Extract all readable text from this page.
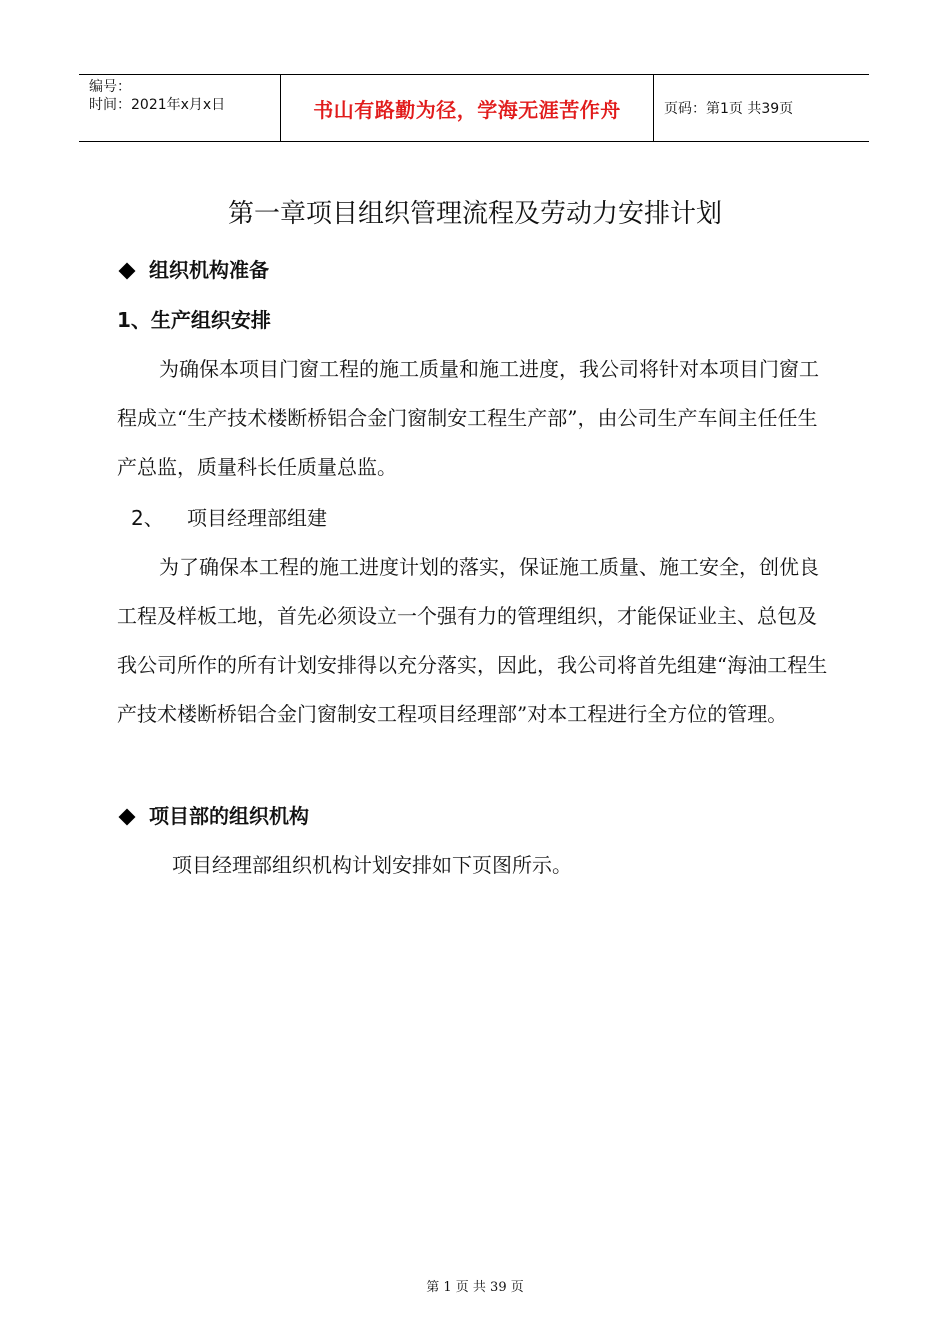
编号：
时间：2021年x月x日	书山有路勤为径，学海无涯苦作舟	页码：第1页 共39页
第一章项目组织管理流程及劳动力安排计划
组织机构准备
1、生产组织安排

为确保本项目门窗工程的施工质量和施工进度，我公司将针对本项目门窗工程成立“生产技术楼断桥铝合金门窗制安工程生产部”，由公司生产车间主任任生产总监，质量科长任质量总监。

2、 项目经理部组建

为了确保本工程的施工进度计划的落实，保证施工质量、施工安全，创优良工程及样板工地，首先必须设立一个强有力的管理组织，才能保证业主、总包及我公司所作的所有计划安排得以充分落实，因此，我公司将首先组建“海油工程生产技术楼断桥铝合金门窗制安工程项目经理部”对本工程进行全方位的管理。

项目部的组织机构

项目经理部组织机构计划安排如下页图所示。

第 1 页 共 39 页
